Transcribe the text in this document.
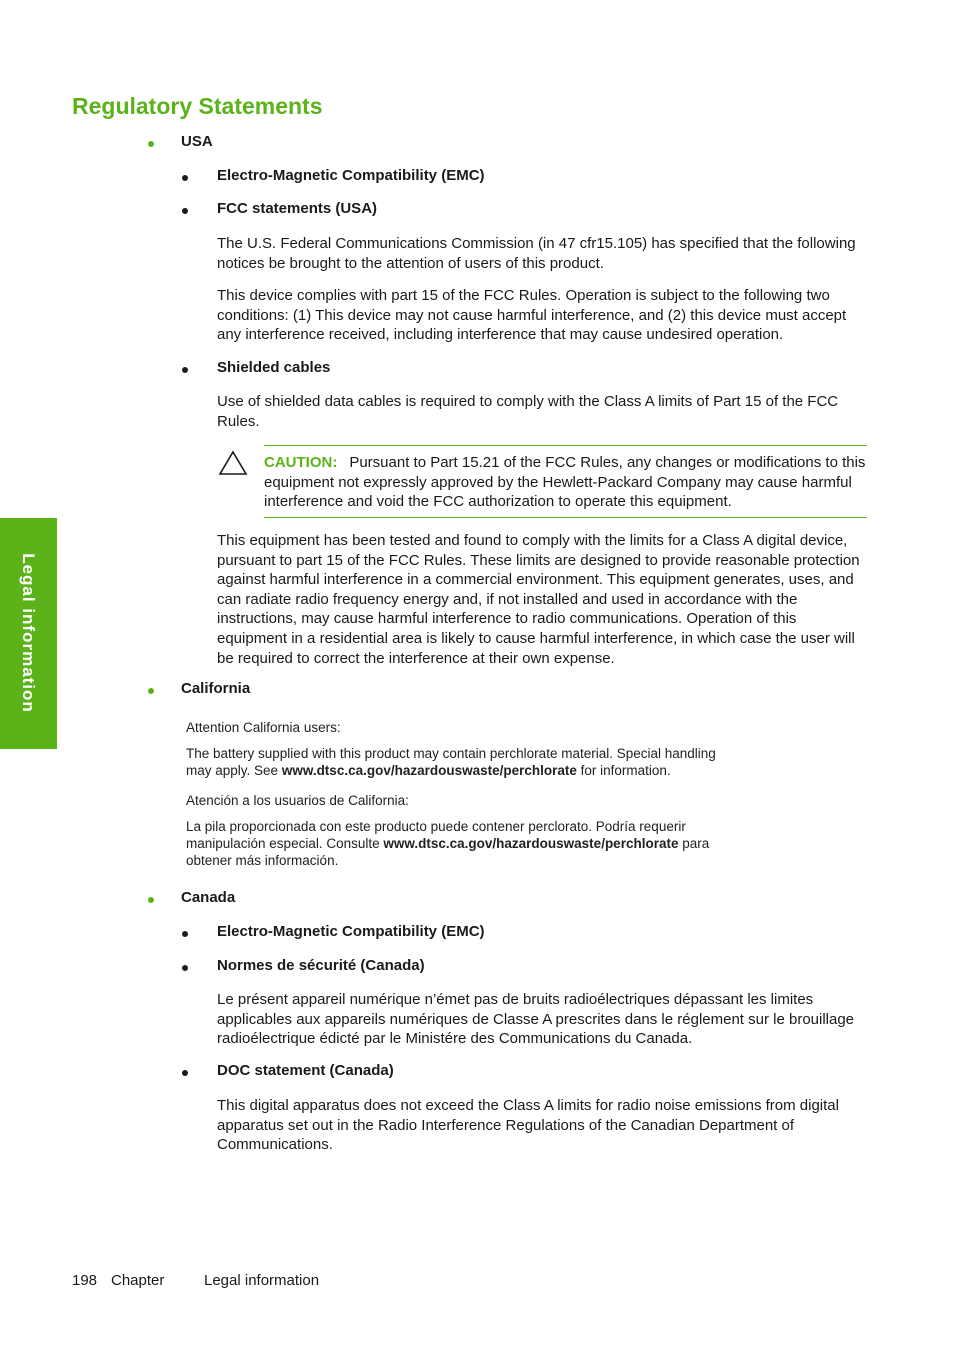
Legal information
Regulatory Statements
USA
Electro-Magnetic Compatibility (EMC)
FCC statements (USA)

The U.S. Federal Communications Commission (in 47 cfr15.105) has specified that the following notices be brought to the attention of users of this product.

This device complies with part 15 of the FCC Rules. Operation is subject to the following two conditions: (1) This device may not cause harmful interference, and (2) this device must accept any interference received, including interference that may cause undesired operation.

Shielded cables

Use of shielded data cables is required to comply with the Class A limits of Part 15 of the FCC Rules.

CAUTION: Pursuant to Part 15.21 of the FCC Rules, any changes or modifications to this equipment not expressly approved by the Hewlett-Packard Company may cause harmful interference and void the FCC authorization to operate this equipment.

This equipment has been tested and found to comply with the limits for a Class A digital device, pursuant to part 15 of the FCC Rules. These limits are designed to provide reasonable protection against harmful interference in a commercial environment. This equipment generates, uses, and can radiate radio frequency energy and, if not installed and used in accordance with the instructions, may cause harmful interference to radio communications. Operation of this equipment in a residential area is likely to cause harmful interference, in which case the user will be required to correct the interference at their own expense.

California

Attention California users:

The battery supplied with this product may contain perchlorate material. Special handling

may apply. See www.dtsc.ca.gov/hazardouswaste/perchlorate for information.

Atención a los usuarios de California:

La pila proporcionada con este producto puede contener perclorato. Podría requerir

manipulación especial. Consulte www.dtsc.ca.gov/hazardouswaste/perchlorate para

obtener más información.

Canada
Electro-Magnetic Compatibility (EMC)
Normes de sécurité (Canada)

Le présent appareil numérique n’émet pas de bruits radioélectriques dépassant les limites applicables aux appareils numériques de Classe A prescrites dans le réglement sur le brouillage radioélectrique édicté par le Ministére des Communications du Canada.

DOC statement (Canada)

This digital apparatus does not exceed the Class A limits for radio noise emissions from digital apparatus set out in the Radio Interference Regulations of the Canadian Department of Communications.

198 Chapter	Legal information
